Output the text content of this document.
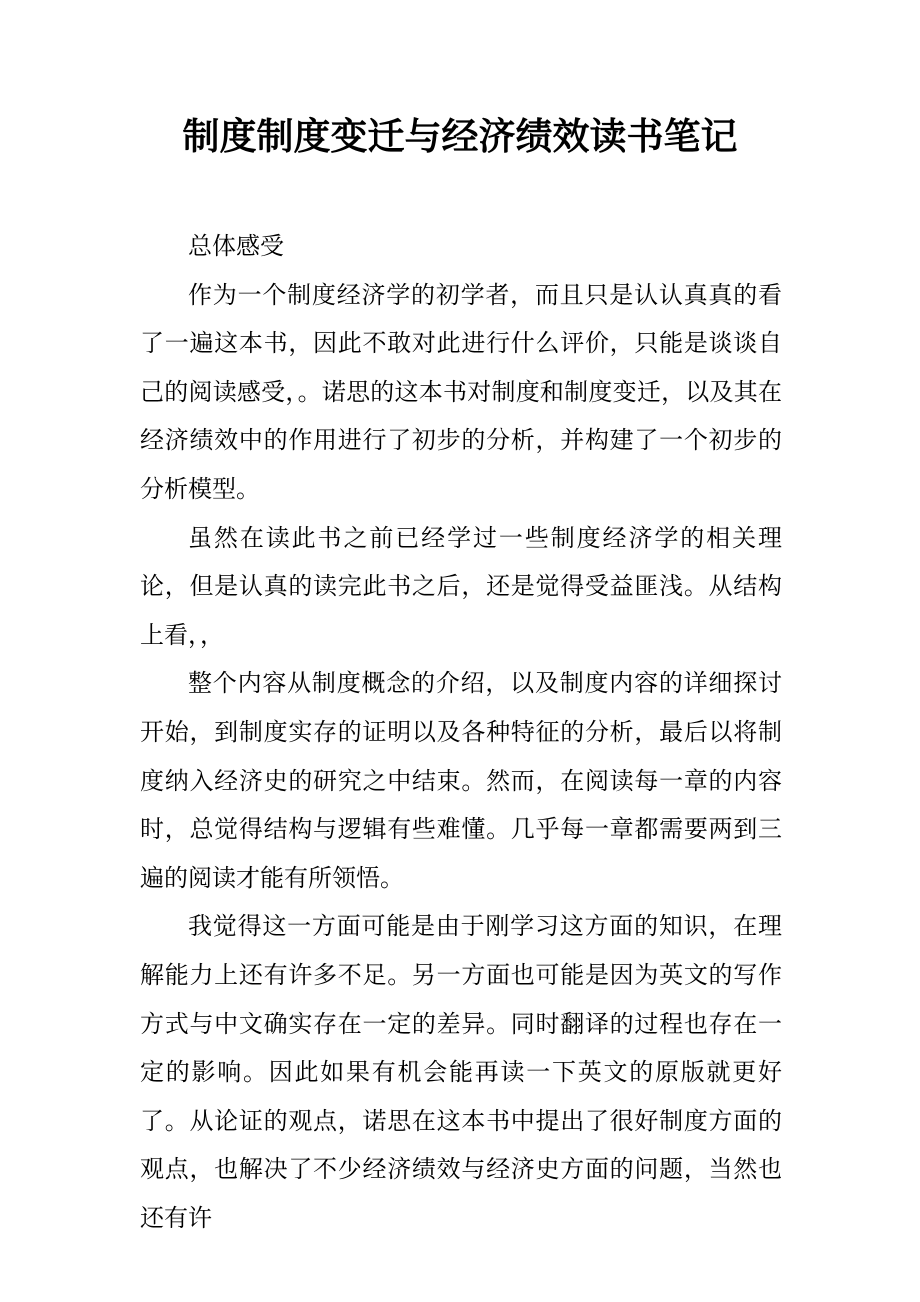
制度制度变迁与经济绩效读书笔记

总体感受

作为一个制度经济学的初学者，而且只是认认真真的看了一遍这本书，因此不敢对此进行什么评价，只能是谈谈自己的阅读感受，。诺思的这本书对制度和制度变迁，以及其在经济绩效中的作用进行了初步的分析，并构建了一个初步的分析模型。

虽然在读此书之前已经学过一些制度经济学的相关理论，但是认真的读完此书之后，还是觉得受益匪浅。从结构上看，，

整个内容从制度概念的介绍，以及制度内容的详细探讨开始，到制度实存的证明以及各种特征的分析，最后以将制度纳入经济史的研究之中结束。然而，在阅读每一章的内容时，总觉得结构与逻辑有些难懂。几乎每一章都需要两到三遍的阅读才能有所领悟。

我觉得这一方面可能是由于刚学习这方面的知识，在理解能力上还有许多不足。另一方面也可能是因为英文的写作方式与中文确实存在一定的差异。同时翻译的过程也存在一定的影响。因此如果有机会能再读一下英文的原版就更好了。从论证的观点，诺思在这本书中提出了很好制度方面的观点，也解决了不少经济绩效与经济史方面的问题，当然也还有许
